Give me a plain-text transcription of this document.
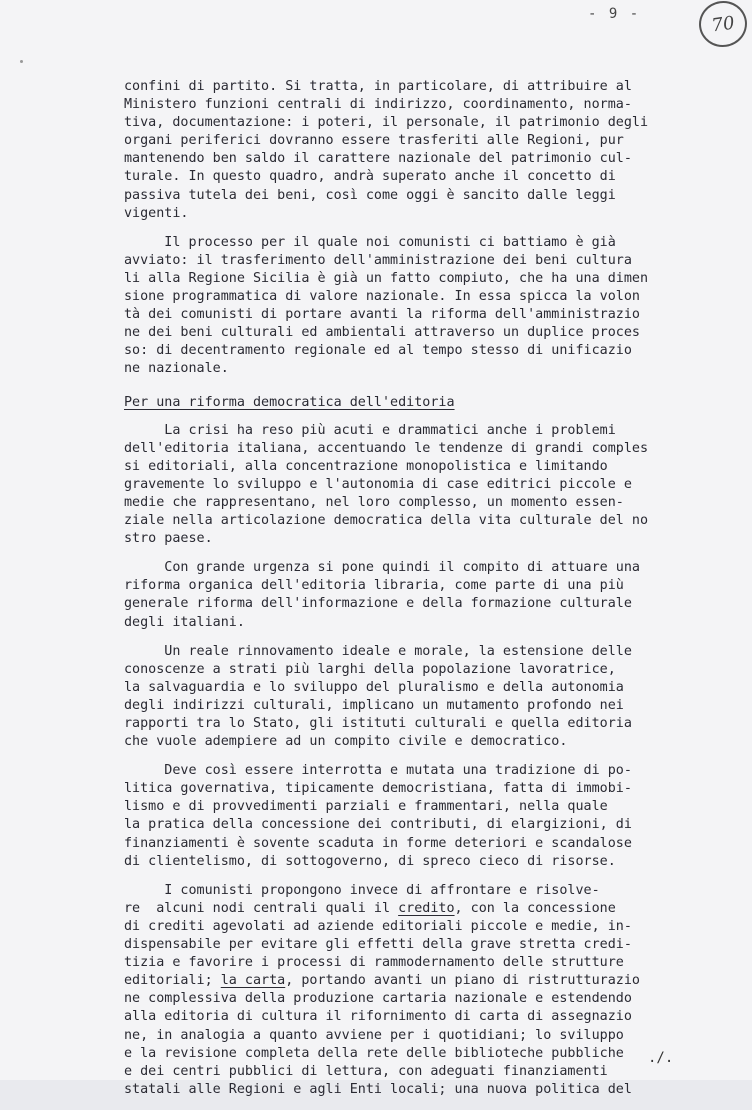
- 9 -	70
confini di partito. Si tratta, in particolare, di attribuire al
Ministero funzioni centrali di indirizzo, coordinamento, norma-
tiva, documentazione: i poteri, il personale, il patrimonio degli
organi periferici dovranno essere trasferiti alle Regioni, pur
mantenendo ben saldo il carattere nazionale del patrimonio cul-
turale. In questo quadro, andrà superato anche il concetto di
passiva tutela dei beni, così come oggi è sancito dalle leggi
vigenti.
Il processo per il quale noi comunisti ci battiamo è già
avviato: il trasferimento dell'amministrazione dei beni cultura
li alla Regione Sicilia è già un fatto compiuto, che ha una dimen
sione programmatica di valore nazionale. In essa spicca la volon
tà dei comunisti di portare avanti la riforma dell'amministrazio
ne dei beni culturali ed ambientali attraverso un duplice proces
so: di decentramento regionale ed al tempo stesso di unificazio
ne nazionale.
Per una riforma democratica dell'editoria
La crisi ha reso più acuti e drammatici anche i problemi
dell'editoria italiana, accentuando le tendenze di grandi comples
si editoriali, alla concentrazione monopolistica e limitando
gravemente lo sviluppo e l'autonomia di case editrici piccole e
medie che rappresentano, nel loro complesso, un momento essen-
ziale nella articolazione democratica della vita culturale del no
stro paese.
Con grande urgenza si pone quindi il compito di attuare una
riforma organica dell'editoria libraria, come parte di una più
generale riforma dell'informazione e della formazione culturale
degli italiani.
Un reale rinnovamento ideale e morale, la estensione delle
conoscenze a strati più larghi della popolazione lavoratrice,
la salvaguardia e lo sviluppo del pluralismo e della autonomia
degli indirizzi culturali, implicano un mutamento profondo nei
rapporti tra lo Stato, gli istituti culturali e quella editoria
che vuole adempiere ad un compito civile e democratico.
Deve così essere interrotta e mutata una tradizione di po-
litica governativa, tipicamente democristiana, fatta di immobi-
lismo e di provvedimenti parziali e frammentari, nella quale
la pratica della concessione dei contributi, di elargizioni, di
finanziamenti è sovente scaduta in forme deteriori e scandalose
di clientelismo, di sottogoverno, di spreco cieco di risorse.
I comunisti propongono invece di affrontare e risolve-
re  alcuni nodi centrali quali il credito, con la concessione
di crediti agevolati ad aziende editoriali piccole e medie, in-
dispensabile per evitare gli effetti della grave stretta credi-
tizia e favorire i processi di rammodernamento delle strutture
editoriali; la carta, portando avanti un piano di ristrutturazio
ne complessiva della produzione cartaria nazionale e estendendo
alla editoria di cultura il rifornimento di carta di assegnazio
ne, in analogia a quanto avviene per i quotidiani; lo sviluppo
e la revisione completa della rete delle biblioteche pubbliche
e dei centri pubblici di lettura, con adeguati finanziamenti
statali alle Regioni e agli Enti locali; una nuova politica del
./.
